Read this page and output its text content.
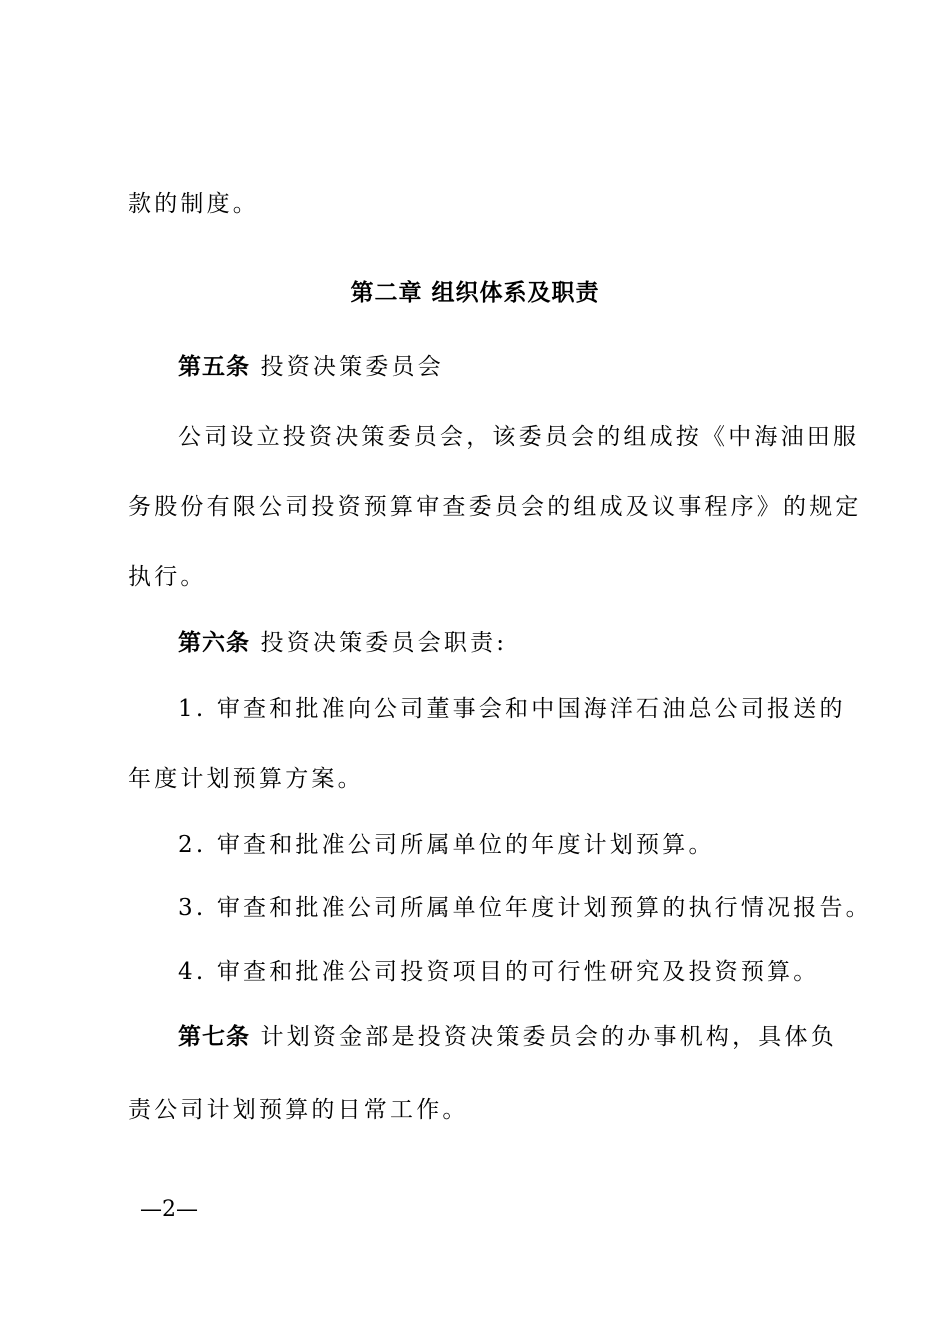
款的制度。
第二章 组织体系及职责
第五条 投资决策委员会
公司设立投资决策委员会，该委员会的组成按《中海油田服
务股份有限公司投资预算审查委员会的组成及议事程序》的规定
执行。
第六条 投资决策委员会职责:
1. 审查和批准向公司董事会和中国海洋石油总公司报送的
年度计划预算方案。
2. 审查和批准公司所属单位的年度计划预算。
3. 审查和批准公司所属单位年度计划预算的执行情况报告。
4. 审查和批准公司投资项目的可行性研究及投资预算。
第七条 计划资金部是投资决策委员会的办事机构，具体负
责公司计划预算的日常工作。
—2—
